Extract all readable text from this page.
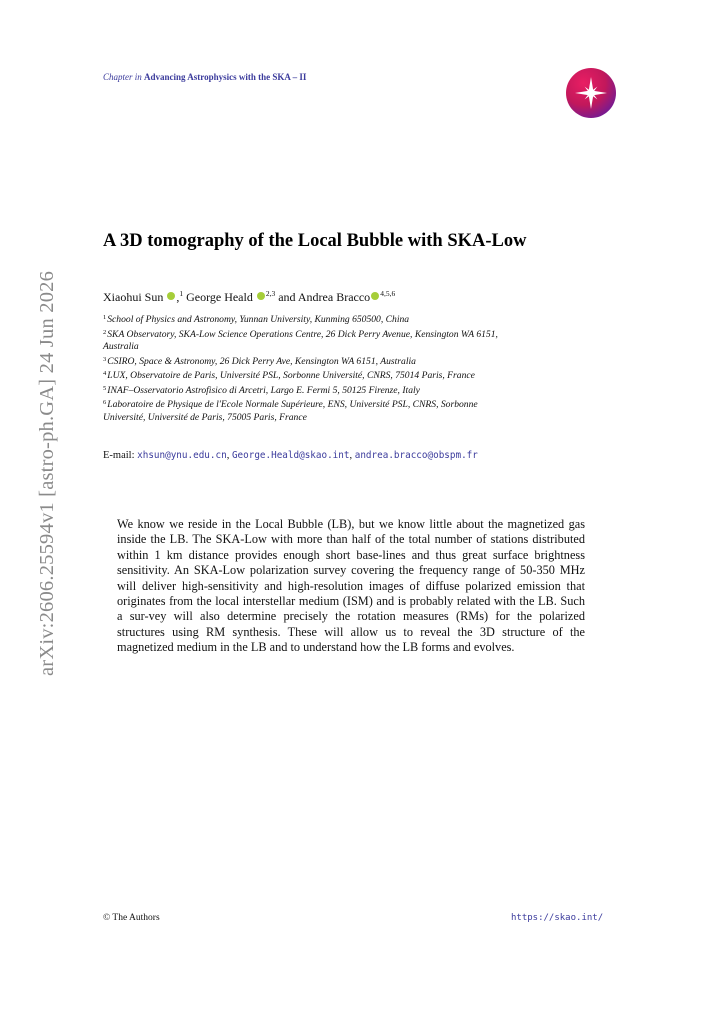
arXiv:2606.25594v1 [astro-ph.GA] 24 Jun 2026
Chapter in Advancing Astrophysics with the SKA – II
A 3D tomography of the Local Bubble with SKA-Low
Xiaohui Sun ,$^1$ George Heald $^{2,3}$ and Andrea Bracco $^{4,5,6}$
$^1$School of Physics and Astronomy, Yunnan University, Kunming 650500, China
$^2$SKA Observatory, SKA-Low Science Operations Centre, 26 Dick Perry Avenue, Kensington WA 6151,
Australia
$^3$CSIRO, Space & Astronomy, 26 Dick Perry Ave, Kensington WA 6151, Australia
$^4$LUX, Observatoire de Paris, Université PSL, Sorbonne Université, CNRS, 75014 Paris, France
$^5$INAF–Osservatorio Astrofisico di Arcetri, Largo E. Fermi 5, 50125 Firenze, Italy
$^6$Laboratoire de Physique de l'Ecole Normale Supérieure, ENS, Université PSL, CNRS, Sorbonne
Université, Université de Paris, 75005 Paris, France
E-mail: xhsun@ynu.edu.cn, George.Heald@skao.int, andrea.bracco@obspm.fr
We know we reside in the Local Bubble (LB), but we know little about the magnetized gas inside the LB. The SKA-Low with more than half of the total number of stations distributed within 1 km distance provides enough short base-lines and thus great surface brightness sensitivity. An SKA-Low polarization survey covering the frequency range of 50-350 MHz will deliver high-sensitivity and high-resolution images of diffuse polarized emission that originates from the local interstellar medium (ISM) and is probably related with the LB. Such a sur-vey will also determine precisely the rotation measures (RMs) for the polarized structures using RM synthesis. These will allow us to reveal the 3D structure of the magnetized medium in the LB and to understand how the LB forms and evolves.
© The Authors	https://skao.int/
